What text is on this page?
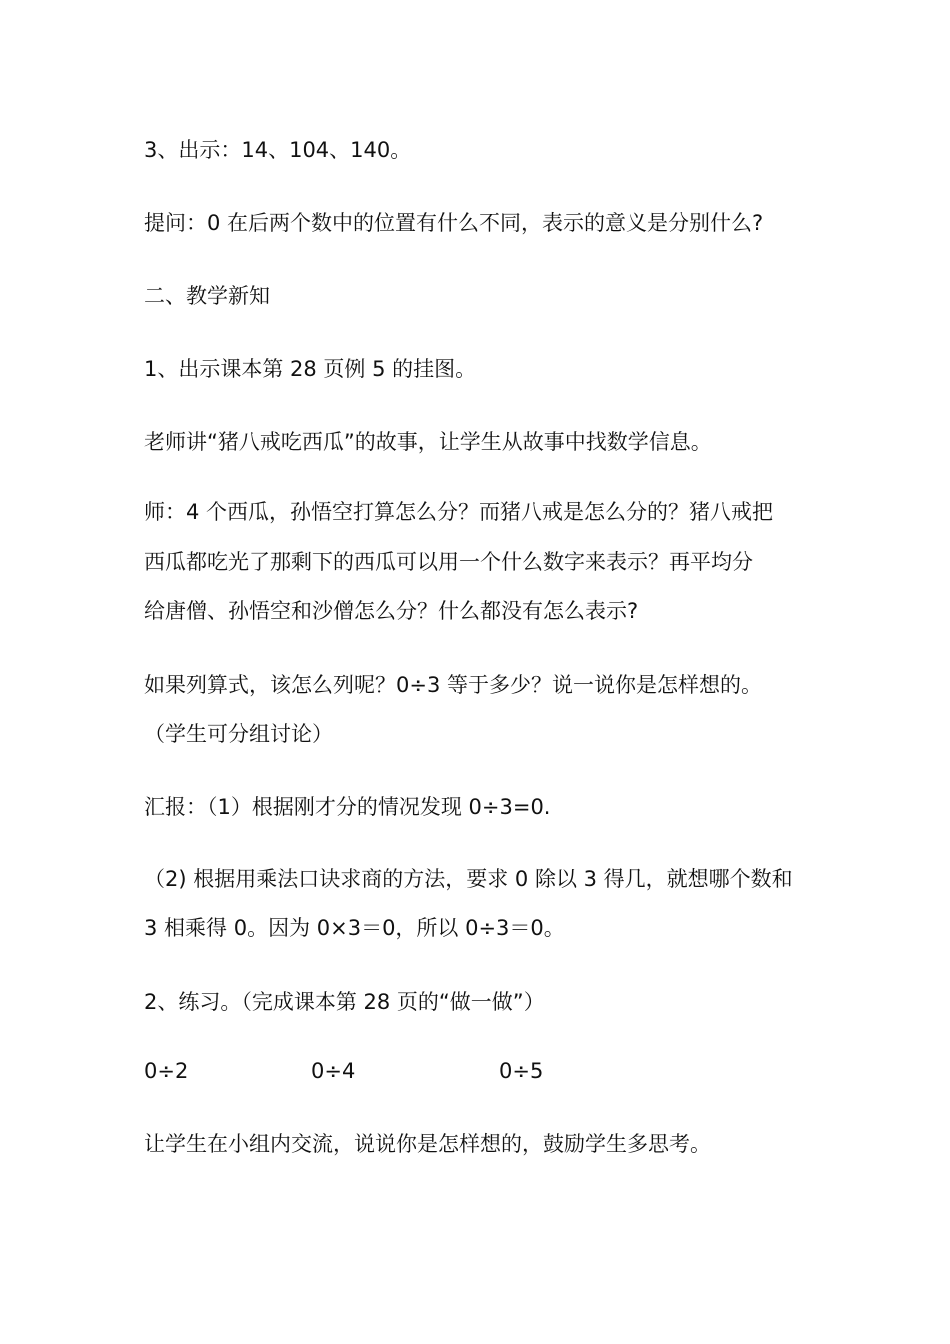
3、出示：14、104、140。
提问：0 在后两个数中的位置有什么不同，表示的意义是分别什么?
二、教学新知
1、出示课本第 28 页例 5 的挂图。
老师讲“猪八戒吃西瓜”的故事，让学生从故事中找数学信息。
师：4 个西瓜，孙悟空打算怎么分？而猪八戒是怎么分的？猪八戒把
西瓜都吃光了那剩下的西瓜可以用一个什么数字来表示？再平均分
给唐僧、孙悟空和沙僧怎么分？什么都没有怎么表示?
如果列算式，该怎么列呢？0÷3 等于多少？说一说你是怎样想的。
（学生可分组讨论）
汇报：（1）根据刚才分的情况发现 0÷3=0.
（2) 根据用乘法口诀求商的方法，要求 0 除以 3 得几，就想哪个数和
3 相乘得 0。因为 0×3＝0，所以 0÷3＝0。
2、练习。（完成课本第 28 页的“做一做”）
0÷2	0÷4	0÷5
让学生在小组内交流，说说你是怎样想的，鼓励学生多思考。
